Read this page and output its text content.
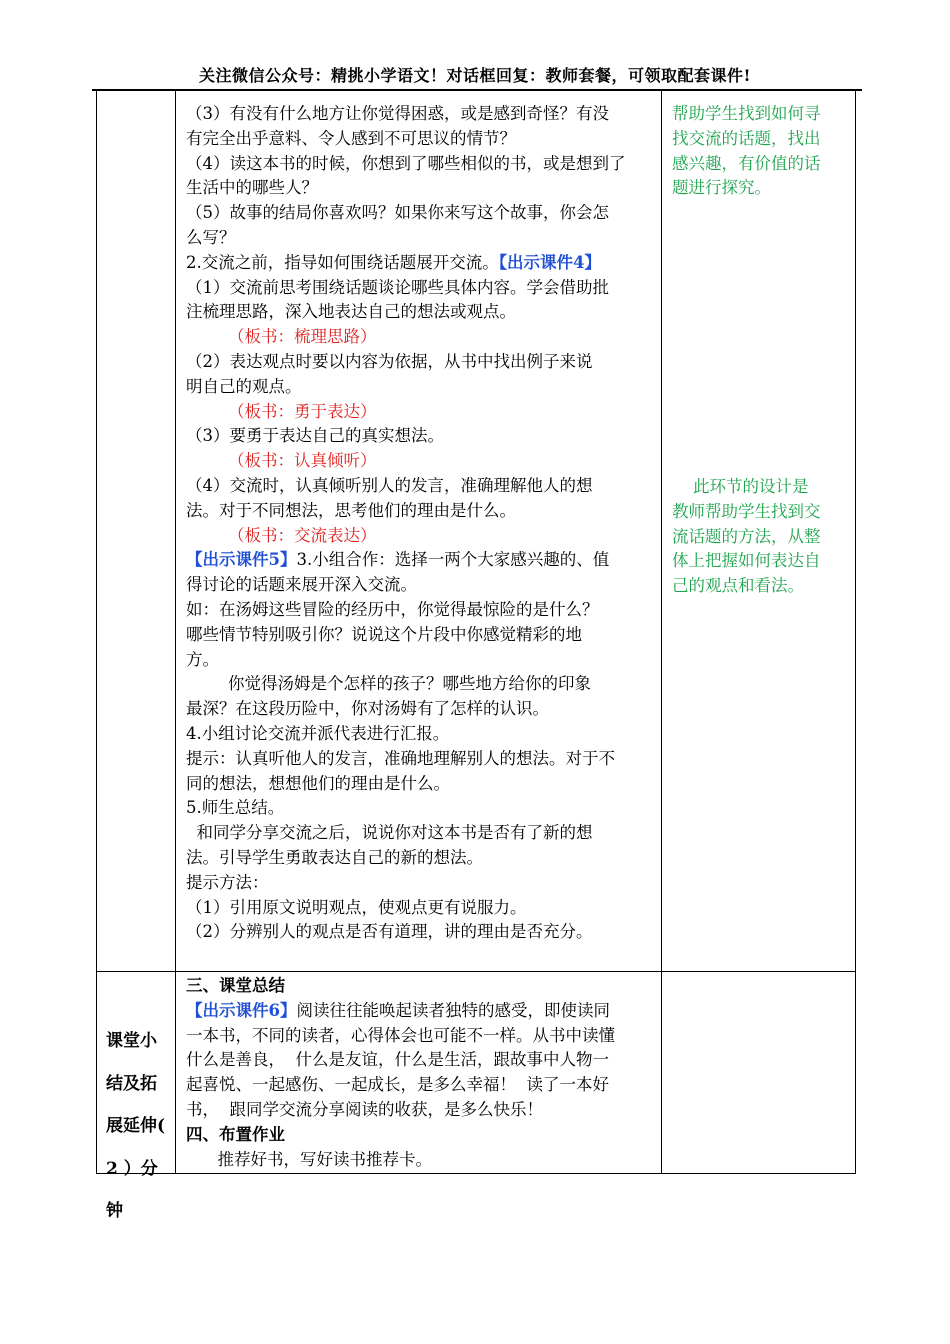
关注微信公众号：精挑小学语文！对话框回复：教师套餐，可领取配套课件!

（3）有没有什么地方让你觉得困惑，或是感到奇怪？有没

有完全出乎意料、令人感到不可思议的情节？

（4）读这本书的时候，你想到了哪些相似的书，或是想到了

生活中的哪些人？

（5）故事的结局你喜欢吗？如果你来写这个故事，你会怎

么写？

2.交流之前，指导如何围绕话题展开交流。【出示课件4】

（1）交流前思考围绕话题谈论哪些具体内容。学会借助批

注梳理思路，深入地表达自己的想法或观点。

（板书：梳理思路）

（2）表达观点时要以内容为依据，从书中找出例子来说

明自己的观点。

（板书：勇于表达）

（3）要勇于表达自己的真实想法。

（板书：认真倾听）

（4）交流时，认真倾听别人的发言，准确理解他人的想

法。对于不同想法，思考他们的理由是什么。

（板书：交流表达）

【出示课件5】3.小组合作：选择一两个大家感兴趣的、值

得讨论的话题来展开深入交流。

如：在汤姆这些冒险的经历中，你觉得最惊险的是什么？

哪些情节特别吸引你？说说这个片段中你感觉精彩的地

方。

你觉得汤姆是个怎样的孩子？哪些地方给你的印象

最深？在这段历险中，你对汤姆有了怎样的认识。

4.小组讨论交流并派代表进行汇报。

提示：认真听他人的发言，准确地理解别人的想法。对于不

同的想法，想想他们的理由是什么。

5.师生总结。

和同学分享交流之后，说说你对这本书是否有了新的想

法。引导学生勇敢表达自己的新的想法。

提示方法：

（1）引用原文说明观点，使观点更有说服力。

（2）分辨别人的观点是否有道理，讲的理由是否充分。

帮助学生找到如何寻

找交流的话题，找出

感兴趣，有价值的话

题进行探究。

此环节的设计是

教师帮助学生找到交

流话题的方法，从整

体上把握如何表达自

己的观点和看法。

课堂小

结及拓

展延伸(

2 ）分

钟

三、课堂总结

【出示课件6】阅读往往能唤起读者独特的感受，即使读同

一本书，不同的读者，心得体会也可能不一样。从书中读懂

什么是善良，  什么是友谊，什么是生活，跟故事中人物一

起喜悦、一起感伤、一起成长，是多么幸福！  读了一本好

书，  跟同学交流分享阅读的收获，是多么快乐！

四、布置作业

推荐好书，写好读书推荐卡。
